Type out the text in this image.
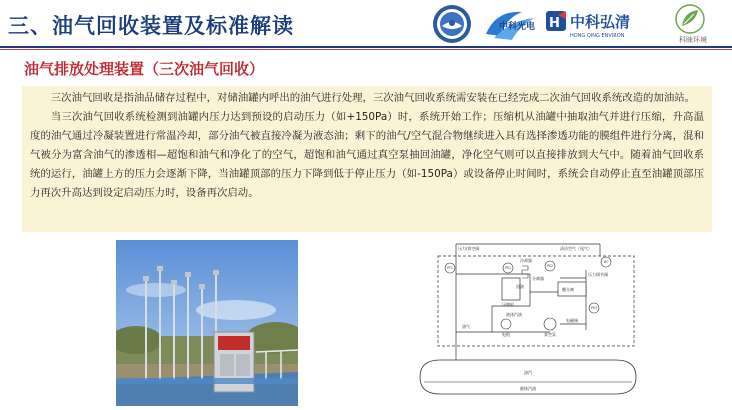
三、油气回收装置及标准解读	中科光电 H 中科弘清
HONG QING ENVIRON	科睐环境
油气排放处理装置（三次油气回收）

三次油气回收是指油品储存过程中，对储油罐内呼出的油气进行处理，三次油气回收系统需安装在已经完成二次油气回收系统改造的加油站。

当三次油气回收系统检测到油罐内压力达到预设的启动压力（如+150Pa）时，系统开始工作；压缩机从油罐中抽取油气并进行压缩，升高温度的油气通过冷凝装置进行常温冷却，部分油气被直接冷凝为液态油；剩下的油气/空气混合物继续进入具有选择渗透功能的膜组件进行分离，混和气被分为富含油气的渗透相—超饱和油气和净化了的空气，超饱和油气通过真空泵抽回油罐，净化空气则可以直接排放到大气中。随着油气回收系统的运行，油罐上方的压力会逐渐下降，当油罐顶部的压力下降到低于停止压力（如-150Pa）或设备停止时间时，系统会自动停止直至油罐顶部压力再次升高达到设定启动压力时，设备再次启动。

PT1	PS1	PS2
PS3
HC
压力/真空阀	清洁空气（尾气）
冷却器
分离器
压缩机
压力调节阀
膜分离
回油
液体汽油
油气
电机	真空泵
电磁阀
油汽
液体汽油
